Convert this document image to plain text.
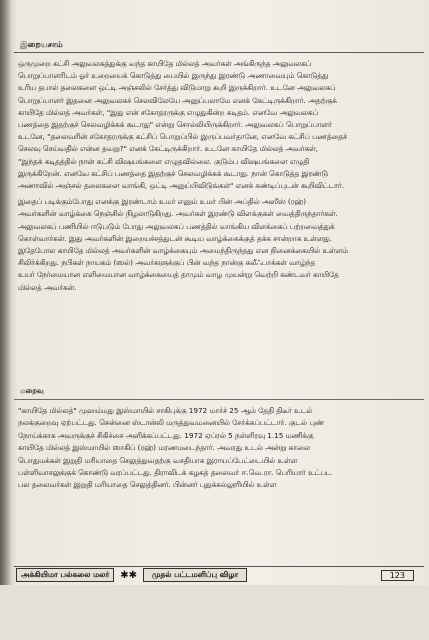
இறையசாம்
ஒருமுறை கட்சி அலுவலகத்துக்கு வந்த காயிதே மில்லத் அவர்கள் அங்கிருந்த அலுவலகப்
பொறுப்பாளரிடம் ஓர் உறையைக் கொடுத்து பையில் இருந்து இரண்டு அணாவையும் கொடுத்து
உரிய தபால் தலைகளை ஒட்டி அஞ்சலில் சேர்த்து விடுமாறு கூறி இருக்கிறார். உடனே அலுவலகப்
பொறுப்பாளர் இதனை அலுவலகச் செலவிலேயே அனுப்பலாமே எனக் கேட்டிருக்கிறார். அதற்குக்
காயிதே மில்லத் அவர்கள், "இது என் சகோதரருக்கு எழுதுகின்ற கடிதம். எனவே அலுவலகப்
பணத்தை இதற்குச் செலவழிக்கக் கூடாது" என்று சொல்லியிருக்கிறார். அலுவலகப் பொறுப்பாளர்
உடனே, "தலைவரின் சகோதரருக்கு கட்சிப் பொறுப்பில் இருப்பவர்தானே, எனவே கட்சிப் பணத்தைச்
செலவு செய்வதில் என்ன தவறு?" எனக் கேட்டிருக்கிறார். உடனே காயிதே மில்லத் அவர்கள்,
"இந்தக் கடிதத்தில் நான் கட்சி விஷயங்களை எழுதவில்லை. குடும்ப விஷயங்களை எழுதி
இருக்கிறேன். எனவே கட்சிப் பணத்தை இதற்குச் செலவழிக்கக் கூடாது. நான் கொடுத்த இரண்டு
அணாவில் அஞ்சல் தலைகளை வாங்கி, ஒட்டி அனுப்பிவிடுங்கள்" எனக் கண்டிப்புடன் கூறிவிட்டார்.
இதைப் படிக்கும்போது எனக்கு இரண்டாம் உமர் எனும் உமர் பின் அப்தில் அஸீஸ் (ரஹ்)
அவர்களின் வாழ்க்கை நெஞ்சில் நிழலாடுகிறது. அவர்கள் இரண்டு விளக்குகள் வைத்திருந்தார்கள்.
அலுவலகப் பணியில் ஈடுபடும் போது அலுவலகப் பணத்தில் வாங்கிய விளக்கைப் பற்றவைத்துக்
கொள்வார்கள். இது அவர்களின் இறையச்சத்துடன் கூடிய வாழ்க்கைக்குத் தக்க சான்றாக உள்ளது.
இதேபோல காயிதே மில்லத் அவர்களின் வாழ்க்கையும் அமைந்திருந்தது என நினைக்கையில் உள்ளம்
சிலிர்க்கிறது. நபிகள் நாயகம் (ஸல்) அவர்களுக்குப் பின் வந்த நான்கு கலீஃபாக்கள் வாழ்ந்த
உயர் நேர்மையான எளிமையான வாழ்க்கையைத் தாமும் வாழ முயன்று வெற்றி கண்டவர் காயிதே
மில்லத் அவர்கள்.
மறைவு
"காயிதே மில்லத்" முஹம்மது இஸ்மாயில் சாகிபுக்கு 1972 மார்ச் 25 ஆம் தேதி திடீர் உடல்
நலக்குறைவு ஏற்பட்டது. சென்னை ஸ்டான்லி மருத்துவமனையில் சேர்க்கப்பட்டார். குடல் புண்
நோய்க்காக அவருக்குச் சிகிச்சை அளிக்கப்பட்டது. 1972 ஏப்ரல் 5 நள்ளிரவு 1.15 மணிக்கு
காயிதே மில்லத் இஸ்மாயில் ஸாகிப் (ரஹ்) மரணமடைந்தார். அவரது உடல் அன்று காலை
பொதுமக்கள் இறுதி மரியாதை செலுத்துவதற்கு வசதியாக இராயப்பேட்டையில் உள்ள
பள்ளிவாசலுக்குக் கொண்டு வரப்பட்டது. திராவிடக் கழகத் தலைவர் ஈ.வெ.ரா. பெரியார் உட்பட
பல தலைவர்கள் இறுதி மரியாதை செலுத்தினர். பின்னர் புதுக்கல்லூரியில் உள்ள
அக்கியிமா பல்கலை மலர்	✱✱	முதல் பட்டமளிப்பு விழா	123
